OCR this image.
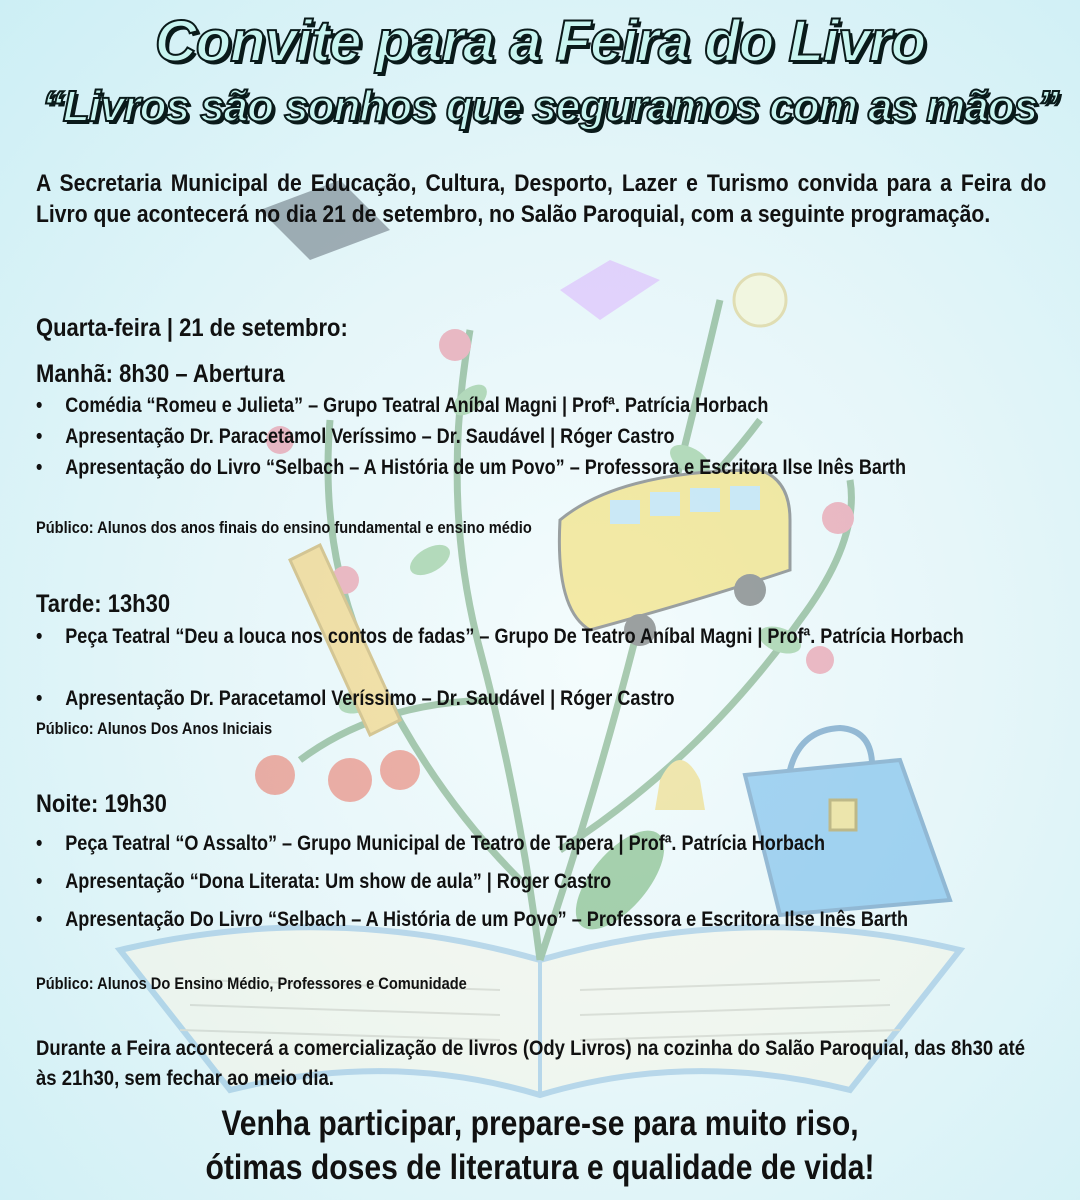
Convite para a Feira do Livro
“Livros são sonhos que seguramos com as mãos”
A Secretaria Municipal de Educação, Cultura, Desporto, Lazer e Turismo convida para a Feira do Livro que acontecerá no dia 21 de setembro, no Salão Paroquial, com a seguinte programação.
Quarta-feira | 21 de setembro:
Manhã: 8h30 – Abertura
• Comédia “Romeu e Julieta” – Grupo Teatral Aníbal Magni | Profª. Patrícia Horbach
• Apresentação Dr. Paracetamol Veríssimo – Dr. Saudável | Róger Castro
• Apresentação do Livro “Selbach – A História de um Povo” – Professora e Escritora Ilse Inês Barth
Público: Alunos dos anos finais do ensino fundamental e ensino médio
Tarde: 13h30
• Peça Teatral “Deu a louca nos contos de fadas” – Grupo De Teatro Aníbal Magni | Profª. Patrícia Horbach
• Apresentação Dr. Paracetamol Veríssimo – Dr. Saudável | Róger Castro
Público: Alunos Dos Anos Iniciais
Noite: 19h30
• Peça Teatral “O Assalto” – Grupo Municipal de Teatro de Tapera | Profª. Patrícia Horbach
• Apresentação “Dona Literata: Um show de aula” | Roger Castro
• Apresentação Do Livro “Selbach – A História de um Povo” – Professora e Escritora Ilse Inês Barth
Público: Alunos Do Ensino Médio, Professores e Comunidade
Durante a Feira acontecerá a comercialização de livros (Ody Livros) na cozinha do Salão Paroquial, das 8h30 até às 21h30, sem fechar ao meio dia.
Venha participar, prepare-se para muito riso,
ótimas doses de literatura e qualidade de vida!
